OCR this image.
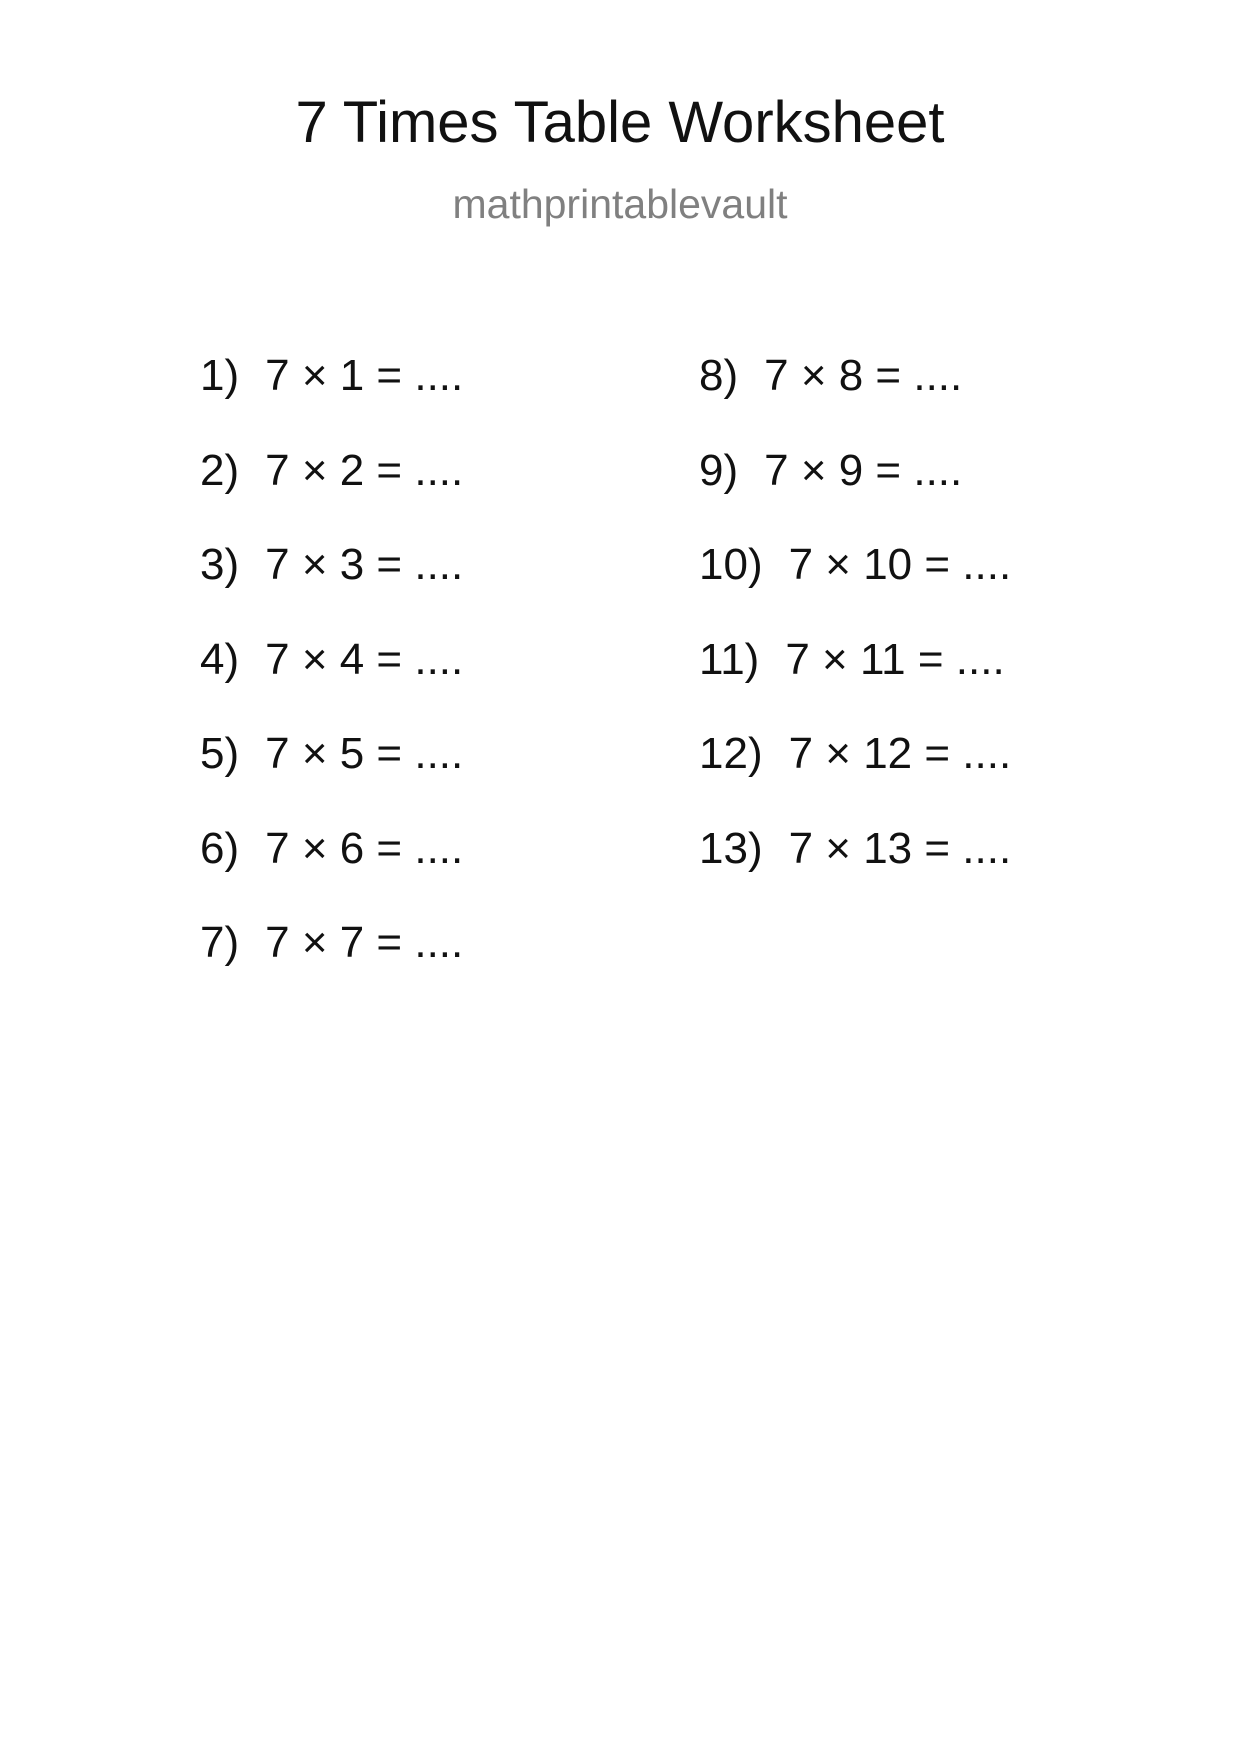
7 Times Table Worksheet
mathprintablevault
1) 7 × 1 = ....
2) 7 × 2 = ....
3) 7 × 3 = ....
4) 7 × 4 = ....
5) 7 × 5 = ....
6) 7 × 6 = ....
7) 7 × 7 = ....
8) 7 × 8 = ....
9) 7 × 9 = ....
10) 7 × 10 = ....
11) 7 × 11 = ....
12) 7 × 12 = ....
13) 7 × 13 = ....
